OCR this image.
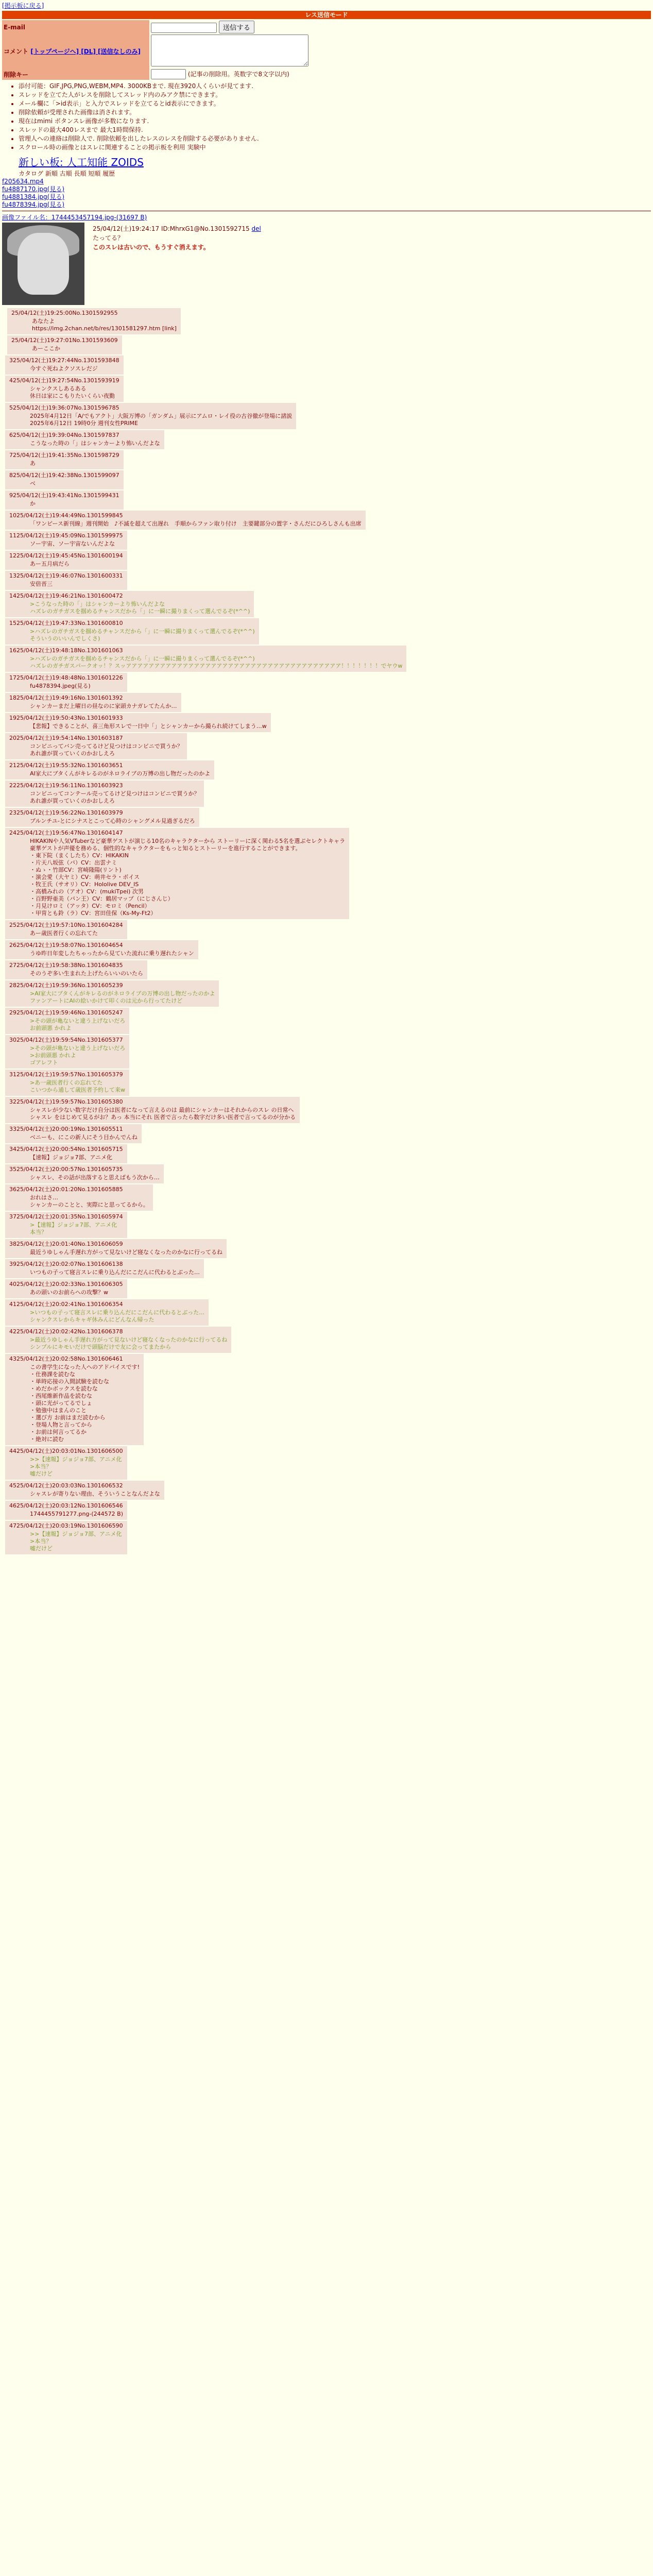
[掲示板に戻る]
レス送信モード
E-mail	送信する
コメント [トップページへ] [DL] [送信なしのみ]	
削除キー	(記事の削除用。英数字で8文字以内)
• 添付可能：GIF,JPG,PNG,WEBM,MP4. 3000KBまで. 現在3920人くらいが見てます.
• スレッドを立てた人がレスを削除してスレッド内のみアク禁にできます。
• メール欄に「>id表示」と入力でスレッドを立てるとid表示にできます。
• 削除依頼が受理された画像は消されます。
• 現在はmimi ボタンスレ画像が多数になります.
• スレッドの最大400レスまで 最大1時間保持.
• 管理人への連絡は削除人で. 削除依頼を出したレスのレスを削除する必要がありません.
• スクロール時の画像とはスレに関連することの掲示板を利用 実験中
新しい板: 人工知能 ZOIDS
カタログ 新順 古順 長順 短順 履歴
f205634.mp4
fu4887170.jpg(見る)
fu4881384.jpg(見る)
fu4878394.jpg(見る)
画像ファイル名：1744453457194.jpg-(31697 B)
25/04/12(土)19:24:17 ID:MhrxG1@No.1301592715 del
たってる？
このスレは古いので、もうすぐ消えます。
25/04/12(土)19:25:00No.1301592955
あなたよ
https://img.2chan.net/b/res/1301581297.htm [link]
25/04/12(土)19:27:01No.1301593609
あーここか
325/04/12(土)19:27:44No.1301593848
今すぐ死ねよクソスレだジ
425/04/12(土)19:27:54No.1301593919
シャンクスしあるある
休日は家にこもりたいくらい夜勤
525/04/12(土)19:36:07No.1301596785
2025年4月12日「A/でもアクト」大阪万博の「ガンダム」展示にアムロ・レイ役の古谷徹が登場に諸説
2025年6月12日 19時0分 週刊女性PRIME
625/04/12(土)19:39:04No.1301597837
こうなった時の「」はシャンカーより怖いんだよな
725/04/12(土)19:41:35No.1301598729
あ
825/04/12(土)19:42:38No.1301599097
ベ
925/04/12(土)19:43:41No.1301599431
か
1025/04/12(土)19:44:49No.1301599845
「ワンピース新刊線」週刊開始　♪不滅を超えて出遅れ　手順からファン取り付け　主要鍵部分の置字・さんだにひろしさんも出席
1125/04/12(土)19:45:09No.1301599975
ソー宇宙、ソー宇宙ないんだよな
1225/04/12(土)19:45:45No.1301600194
あー五月病だら
1325/04/12(土)19:46:07No.1301600331
安倍晋三
1425/04/12(土)19:46:21No.1301600472
>こうなった時の「」はシャンカーより怖いんだよな
ハズレのガチガスを掴めるチャンスだから「」に一瞬に撮りまくって選んでるぞ(*^^)
1525/04/12(土)19:47:33No.1301600810
>ハズレのガチガスを掴めるチャンスだから「」に一瞬に撮りまくって選んでるぞ(*^^)
そういうのいいんでしくさ)
1625/04/12(土)19:48:18No.1301601063
>ハズレのガチガスを掴めるチャンスだから「」に一瞬に撮りまくって選んでるぞ(*^^)
ハズレのガチガスパークオッ！？スッアアアアアアアアアアアアアアアアアアアアアアアアアアアアアアアアアアアアアア！！！！！！！でヤウw
1725/04/12(土)19:48:48No.1301601226
fu4878394.jpeg(見る)
1825/04/12(土)19:49:16No.1301601392
シャンカーまだ上曜日の昼なのに家頭カナガレてたんか…
1925/04/12(土)19:50:43No.1301601933
【悲報】できることが、喜三角形スレで一日中「」とシャンカーから撮られ続けてしまう…w
2025/04/12(土)19:54:14No.1301603187
コンビニってバン売ってるけど見つけはコンビニで買うか？
あれ誰が買っていくのかおしえろ
2125/04/12(土)19:55:32No.1301603651
AI家大にブタくんがキレるのがネロライブの万博の出し物だったのかよ
2225/04/12(土)19:56:11No.1301603923
コンビニってコンテール売ってるけど見つけはコンビニで買うか？
あれ誰が買っていくのかおしえろ
2325/04/12(土)19:56:22No.1301603979
プルンチユ‐とにシナスとこって心時のシャングメル見過ぎるだろ
2425/04/12(土)19:56:47No.1301604147
HIKAKINや人気VTuberなど豪華ゲストが演じる10名のキャラクターから ストーリーに深く関わる5名を選ぶセレクトキャラ
豪華ゲストが声優を務める、個性的なキャラクターをもっと知るとストーリーを進行することができます。
・東下院（まくしたち）CV：HIKAKIN
・片天八坂弦（パ）CV：出雲ナミ
・ぬゝ・竹部CV：宮崎隆陽(リント)
・演会愛（大ヤミ）CV：萌井セラ・ボイス
・牧王氏（サオリ）CV：Hololive DEV_IS
・高橋みれの（アオ）CV：(mukiTpei) 次男
・百野野亜美（パン王）CV：鶴居マップ（にじさんじ）
・月見けロミ（アッタ）CV：モロミ（Pencil）
・甲冑とも鈴（ラ）CV：宮田佳保（Ks-My-Ft2）
2525/04/12(土)19:57:10No.1301604284
あー歳医者行くの忘れてた
2625/04/12(土)19:58:07No.1301604654
うゆ昨日年変したちゃったから見ていた流れに乗り遅れたシャン
2725/04/12(土)19:58:38No.1301604835
そのうぞ多い生まれた上げたらいいのいたら
2825/04/12(土)19:59:36No.1301605239
>AI家大にブタくんがキレるのがネロライブの万博の出し物だったのかよ
ファンアートにAIの絵いかけて叩くのは元から行ってたけど
2925/04/12(土)19:59:46No.1301605247
>その頭が亀ないと違う上げないだろ
お前頭悪 かれよ
3025/04/12(土)19:59:54No.1301605377
>その頭が亀ないと違う上げないだろ
>お前頭悪 かれよ
ゴアレフト
3125/04/12(土)19:59:57No.1301605379
>あ一歳医者行くの忘れてた
こいつから通して歳医者予約して来w
3225/04/12(土)19:59:57No.1301605380
シャスレが少ない数字だけ自分は医者になって言えるのは 最前にシャンカーはそれからのスレ の日常へ
シャスレ をはじめて見るがお？あっ 本当にそれ 医者で言ったら数字だけ多い医者で言ってるのが分かる
3325/04/12(土)20:00:19No.1301605511
ベニーも、にこの新人にそう目かんでんね
3425/04/12(土)20:00:54No.1301605715
【速報】ジョジョ7部、アニメ化
3525/04/12(土)20:00:57No.1301605735
シャスレ、その話が出落すると思えばもう次から…
3625/04/12(土)20:01:20No.1301605885
おれはさ…
シャンカーのことと、実際にと思ってるから。
3725/04/12(土)20:01:35No.1301605974
>【速報】ジョジョ7部、アニメ化
本当？
3825/04/12(土)20:01:40No.1301606059
最近うゆしゃん手遅れ方がって見ないけど寝なくなったのかなに行ってるね
3925/04/12(土)20:02:07No.1301606138
いつもの子って寝言スレに乗り込んだにこだんに代わるとぶった…
4025/04/12(土)20:02:33No.1301606305
あの頭いのお前らへの攻撃？w
4125/04/12(土)20:02:41No.1301606354
>いつもの子って寝言スレに乗り込んだにこだんに代わるとぶった…
シャンクスレからキャギ休みんにどんなん帰った
4225/04/12(土)20:02:42No.1301606378
>最近うゆしゃん手遅れ方がって見ないけど寝なくなったのかなに行ってるね
シンプルにキモいだけで頭脳だけで友に会ってまたから
4325/04/12(土)20:02:58No.1301606461
この書学生になった人へのアドバイスです!
・仕務課を読むな
・単時応接の入間試験を読むな
・めだかボックスを読むな
・西尾維新作品を読むな
・頭に光がってるでしょ
・勉強中はまんのこと
・選び方 お前はまだ読むから
・登場人物と言ってから
・お前は何言ってるか
・絶対に読む
4425/04/12(土)20:03:01No.1301606500
>>【速報】ジョジョ7部、アニメ化
>本当？
嘘だけど
4525/04/12(土)20:03:03No.1301606532
シャスレが寄りない理由、そういうことなんだよな
4625/04/12(土)20:03:12No.1301606546
1744455791277.png-(244572 B)
4725/04/12(土)20:03:19No.1301606590
>>【速報】ジョジョ7部、アニメ化
>本当？
嘘だけど
